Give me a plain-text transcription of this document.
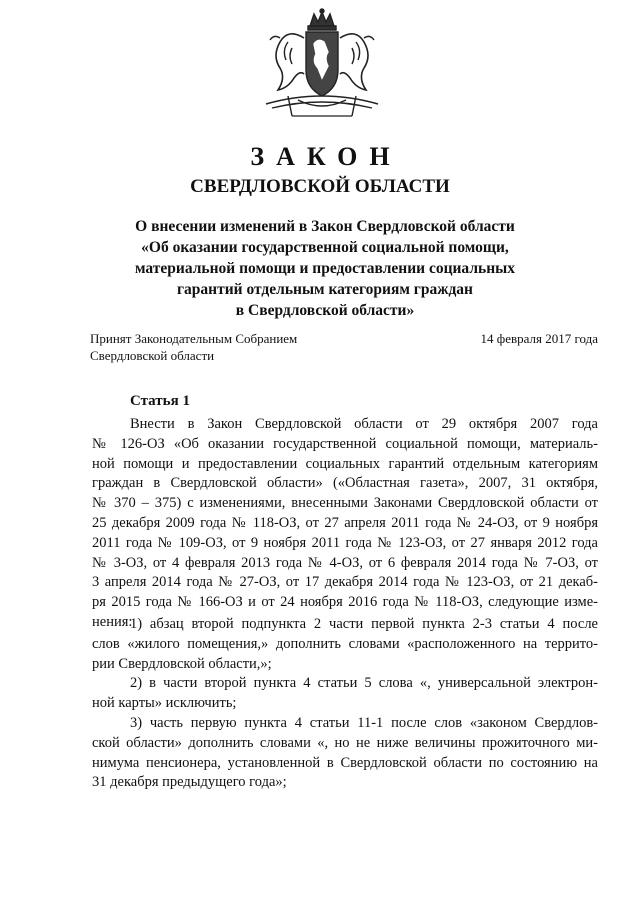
ЗАКОН
СВЕРДЛОВСКОЙ ОБЛАСТИ
О внесении изменений в Закон Свердловской области
«Об оказании государственной социальной помощи,
материальной помощи и предоставлении социальных
гарантий отдельным категориям граждан
в Свердловской области»
Принят Законодательным Собранием
Свердловской области
14 февраля 2017 года
Статья 1
Внести в Закон Свердловской области от 29 октября 2007 года
№ 126-ОЗ «Об оказании государственной социальной помощи, материаль-
ной помощи и предоставлении социальных гарантий отдельным категориям
граждан в Свердловской области» («Областная газета», 2007, 31 октября,
№ 370 – 375) с изменениями, внесенными Законами Свердловской области от
25 декабря 2009 года № 118-ОЗ, от 27 апреля 2011 года № 24-ОЗ, от 9 ноября
2011 года № 109-ОЗ, от 9 ноября 2011 года № 123-ОЗ, от 27 января 2012 года
№ 3-ОЗ, от 4 февраля 2013 года № 4-ОЗ, от 6 февраля 2014 года № 7-ОЗ, от
3 апреля 2014 года № 27-ОЗ, от 17 декабря 2014 года № 123-ОЗ, от 21 декаб-
ря 2015 года № 166-ОЗ и от 24 ноября 2016 года № 118-ОЗ, следующие изме-
нения:
1) абзац второй подпункта 2 части первой пункта 2-3 статьи 4 после
слов «жилого помещения,» дополнить словами «расположенного на террито-
рии Свердловской области,»;
2) в части второй пункта 4 статьи 5 слова «, универсальной электрон-
ной карты» исключить;
3) часть первую пункта 4 статьи 11-1 после слов «законом Свердлов-
ской области» дополнить словами «, но не ниже величины прожиточного ми-
нимума пенсионера, установленной в Свердловской области по состоянию на
31 декабря предыдущего года»;
